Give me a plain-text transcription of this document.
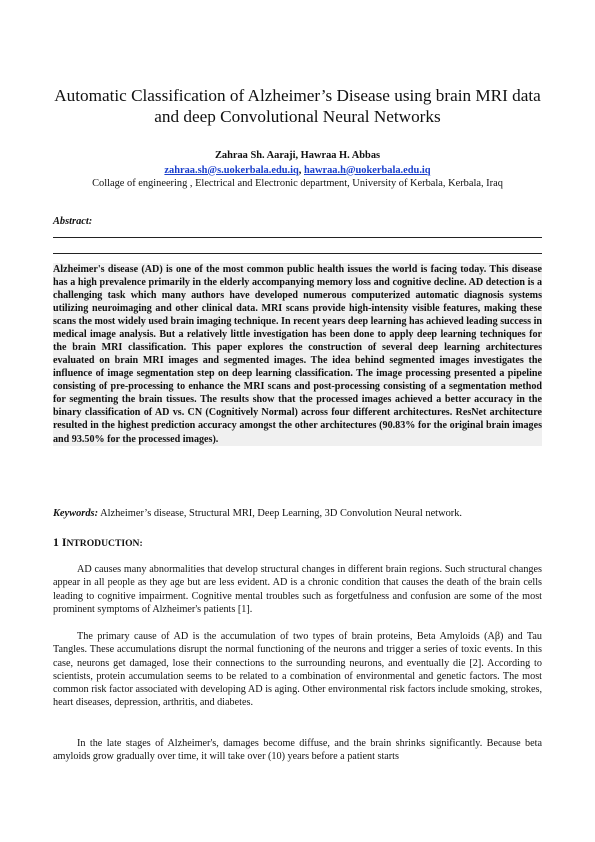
Automatic Classification of Alzheimer’s Disease using brain MRI data and deep Convolutional Neural Networks
Zahraa Sh. Aaraji, Hawraa H. Abbas
zahraa.sh@s.uokerbala.edu.iq, hawraa.h@uokerbala.edu.iq
Collage of engineering , Electrical and Electronic department, University of Kerbala, Kerbala, Iraq
Abstract:

Alzheimer's disease (AD) is one of the most common public health issues the world is facing today. This disease has a high prevalence primarily in the elderly accompanying memory loss and cognitive decline. AD detection is a challenging task which many authors have developed numerous computerized automatic diagnosis systems utilizing neuroimaging and other clinical data. MRI scans provide high-intensity visible features, making these scans the most widely used brain imaging technique. In recent years deep learning has achieved leading success in medical image analysis. But a relatively little investigation has been done to apply deep learning techniques for the brain MRI classification. This paper explores the construction of several deep learning architectures evaluated on brain MRI images and segmented images. The idea behind segmented images investigates the influence of image segmentation step on deep learning classification. The image processing presented a pipeline consisting of pre-processing to enhance the MRI scans and post-processing consisting of a segmentation method for segmenting the brain tissues. The results show that the processed images achieved a better accuracy in the binary classification of AD vs. CN (Cognitively Normal) across four different architectures. ResNet architecture resulted in the highest prediction accuracy amongst the other architectures (90.83% for the original brain images and 93.50% for the processed images).

Keywords: Alzheimer’s disease, Structural MRI, Deep Learning, 3D Convolution Neural network.
1 INTRODUCTION:

AD causes many abnormalities that develop structural changes in different brain regions. Such structural changes appear in all people as they age but are less evident. AD is a chronic condition that causes the death of the brain cells leading to cognitive impairment. Cognitive mental troubles such as forgetfulness and confusion are some of the most prominent symptoms of Alzheimer's patients [1].

The primary cause of AD is the accumulation of two types of brain proteins, Beta Amyloids (Aβ) and Tau Tangles. These accumulations disrupt the normal functioning of the neurons and trigger a series of toxic events. In this case, neurons get damaged, lose their connections to the surrounding neurons, and eventually die [2]. According to scientists, protein accumulation seems to be related to a combination of environmental and genetic factors. The most common risk factor associated with developing AD is aging. Other environmental risk factors include smoking, strokes, heart diseases, depression, arthritis, and diabetes.

In the late stages of Alzheimer's, damages become diffuse, and the brain shrinks significantly. Because beta amyloids grow gradually over time, it will take over (10) years before a patient starts
